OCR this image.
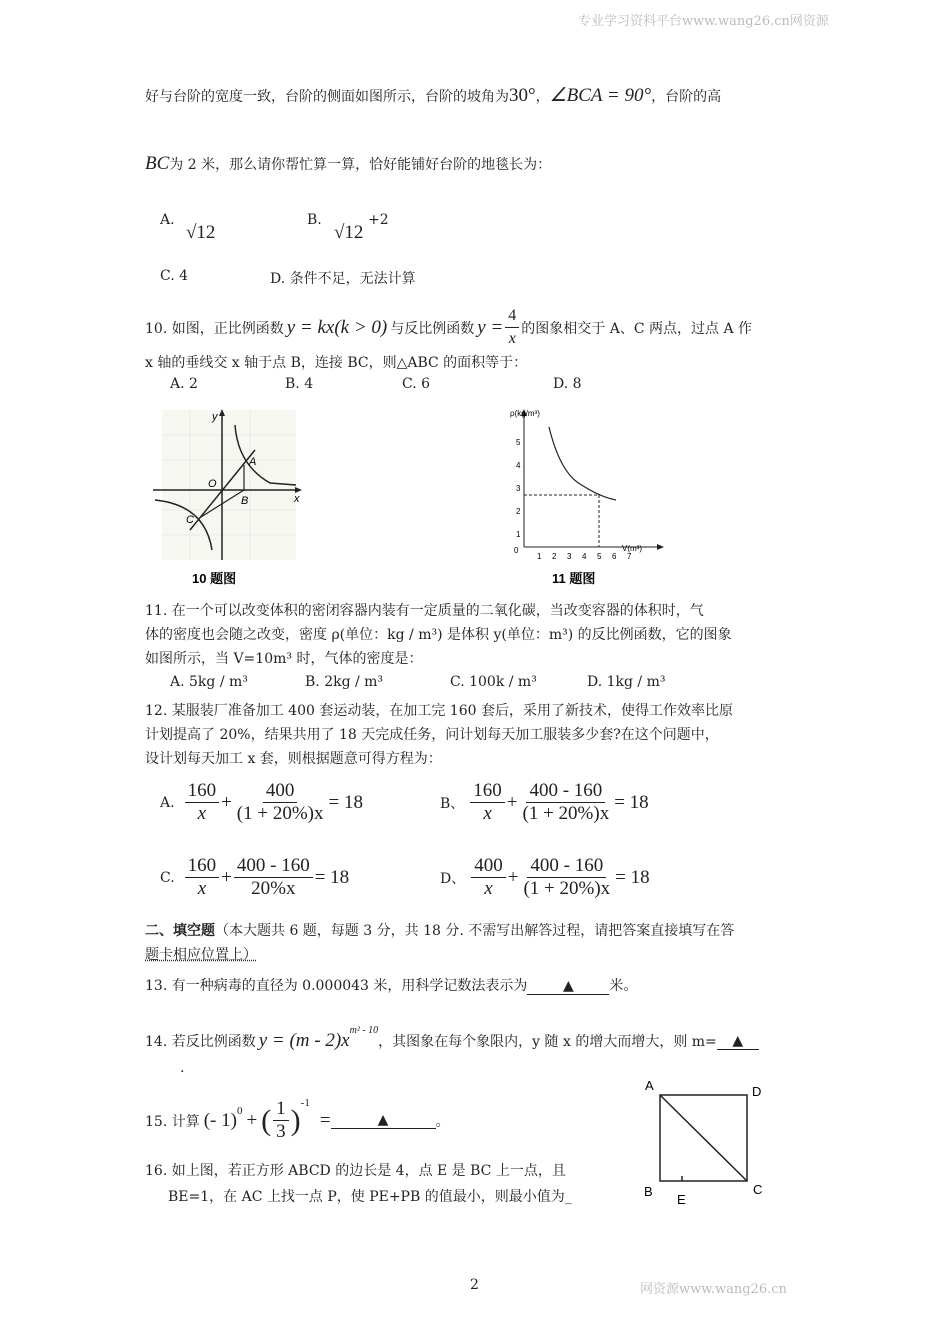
专业学习资料平台www.wang26.cn网资源
好与台阶的宽度一致，台阶的侧面如图所示，台阶的坡角为30°，∠BCA = 90°，台阶的高
BC为 2 米，那么请你帮忙算一算，恰好能铺好台阶的地毯长为：
A.
√12
B.
√12
+2
C. 4	D. 条件不足，无法计算
10. 如图，正比例函数 y = kx(k > 0) 与反比例函数 $y = \frac{4}{x}$ 的图象相交于 A、C 两点，过点 A 作
x 轴的垂线交 x 轴于点 B，连接 BC，则△ABC 的面积等于：
A. 2	B. 4	C. 6	D. 8
y
x
O
A
B
C
10 题图
ρ(kg/m³)
V(m³)
0
5
4
3
2
1
1 2 3 4 5 6 7
11 题图
11. 在一个可以改变体积的密闭容器内装有一定质量的二氧化碳，当改变容器的体积时，气
体的密度也会随之改变，密度 ρ(单位：kg / m³) 是体积 y(单位：m³) 的反比例函数，它的图象
如图所示，当 V=10m³ 时，气体的密度是：
A. 5kg / m³	B. 2kg / m³	C. 100k / m³	D. 1kg / m³
12. 某服装厂准备加工 400 套运动装，在加工完 160 套后，采用了新技术，使得工作效率比原
计划提高了 20%，结果共用了 18 天完成任务，问计划每天加工服装多少套?在这个问题中，
设计划每天加工 x 套，则根据题意可得方程为：
A. $\frac{160}{x} + \frac{400}{(1 + 20\%)x} = 18$	B、 $\frac{160}{x} + \frac{400 - 160}{(1 + 20\%)x} = 18$
C. $\frac{160}{x} + \frac{400 - 160}{20\%x} = 18$	D、 $\frac{400}{x} + \frac{400 - 160}{(1 + 20\%)x} = 18$
二、填空题（本大题共 6 题，每题 3 分，共 18 分. 不需写出解答过程，请把答案直接填写在答
题卡相应位置上）
13. 有一种病毒的直径为 0.000043 米，用科学记数法表示为	▲	米。
14. 若反比例函数 y = (m - 2)x m² - 10
，其图象在每个象限内，y 随 x 的增大而增大，则 m=	▲
.
15. 计算 (- 1) 0 + ( $\frac{1}{3}$ )
-1
=	▲	。
16. 如上图，若正方形 ABCD 的边长是 4，点 E 是 BC 上一点，且
BE=1，在 AC 上找一点 P，使 PE+PB 的值最小，则最小值为_
A	D
B	C
E
2	网资源www.wang26.cn
